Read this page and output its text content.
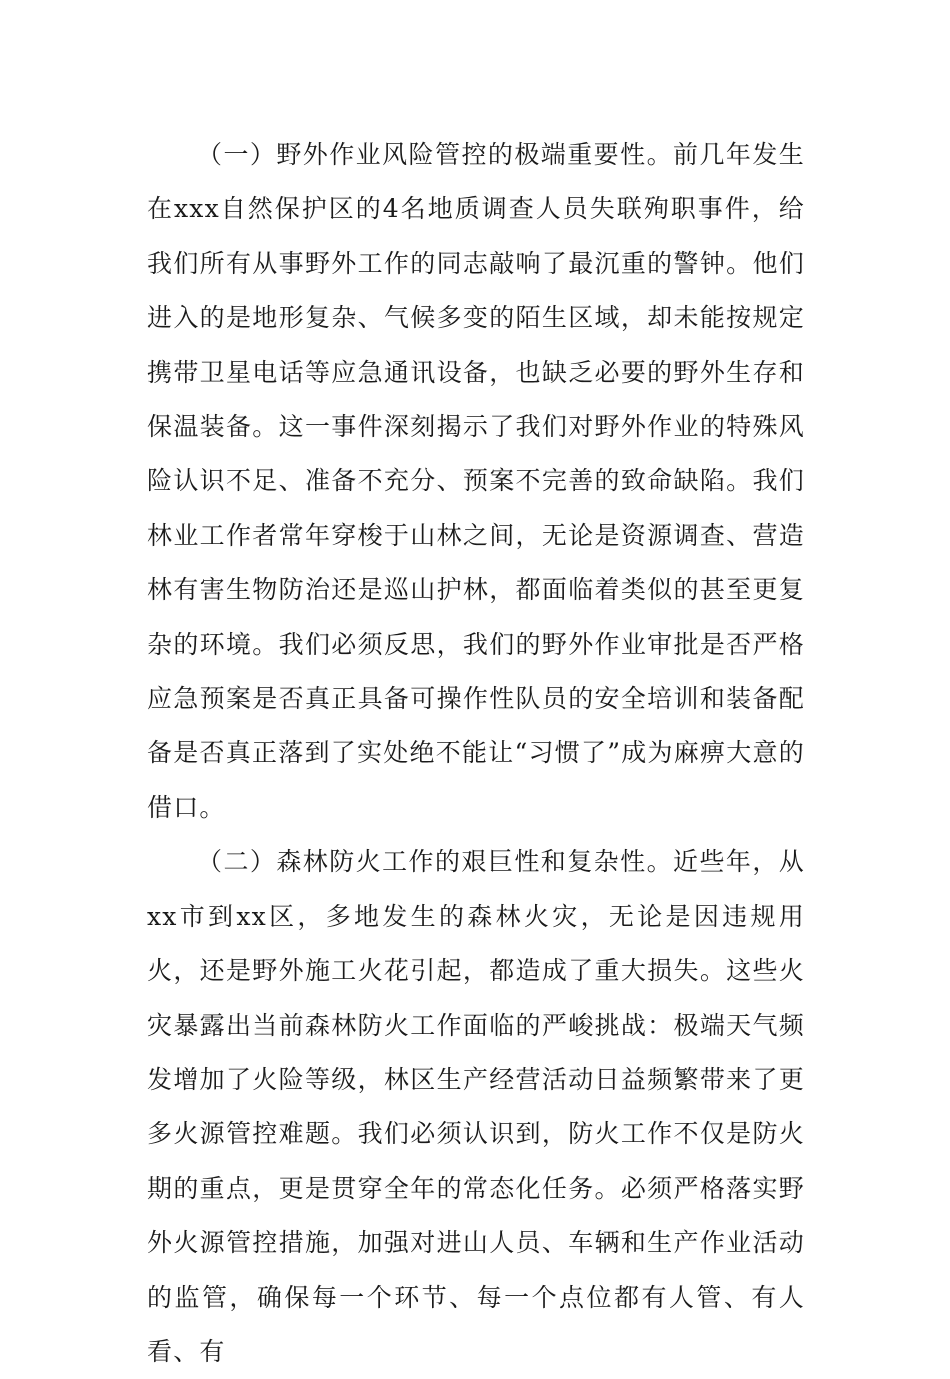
（一）野外作业风险管控的极端重要性。前几年发生在xxx自然保护区的4名地质调查人员失联殉职事件，给我们所有从事野外工作的同志敲响了最沉重的警钟。他们进入的是地形复杂、气候多变的陌生区域，却未能按规定携带卫星电话等应急通讯设备，也缺乏必要的野外生存和保温装备。这一事件深刻揭示了我们对野外作业的特殊风险认识不足、准备不充分、预案不完善的致命缺陷。我们林业工作者常年穿梭于山林之间，无论是资源调查、营造林有害生物防治还是巡山护林，都面临着类似的甚至更复杂的环境。我们必须反思，我们的野外作业审批是否严格应急预案是否真正具备可操作性队员的安全培训和装备配备是否真正落到了实处绝不能让“习惯了”成为麻痹大意的借口。

（二）森林防火工作的艰巨性和复杂性。近些年，从xx市到xx区，多地发生的森林火灾，无论是因违规用火，还是野外施工火花引起，都造成了重大损失。这些火灾暴露出当前森林防火工作面临的严峻挑战：极端天气频发增加了火险等级，林区生产经营活动日益频繁带来了更多火源管控难题。我们必须认识到，防火工作不仅是防火期的重点，更是贯穿全年的常态化任务。必须严格落实野外火源管控措施，加强对进山人员、车辆和生产作业活动的监管，确保每一个环节、每一个点位都有人管、有人看、有
